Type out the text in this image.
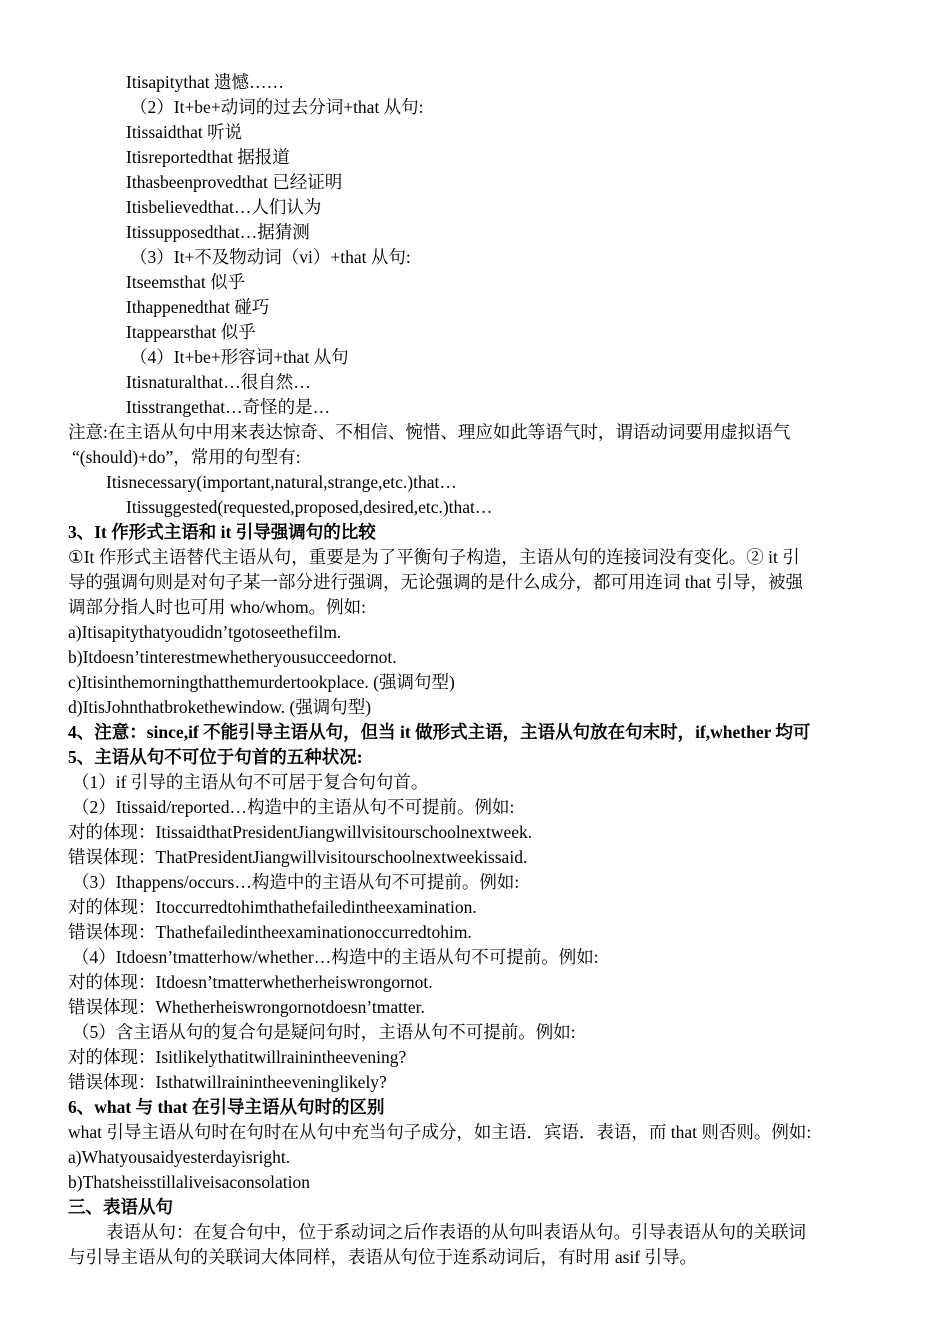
Itisapitythat 遗憾……
（2）It+be+动词的过去分词+that 从句:
Itissaidthat 听说
Itisreportedthat 据报道
Ithasbeenprovedthat 已经证明
Itisbelievedthat…人们认为
Itissupposedthat…据猜测
（3）It+不及物动词（vi）+that 从句:
Itseemsthat 似乎
Ithappenedthat 碰巧
Itappearsthat 似乎
（4）It+be+形容词+that 从句
Itisnaturalthat…很自然…
Itisstrangethat…奇怪的是…
注意:在主语从句中用来表达惊奇、不相信、惋惜、理应如此等语气时，谓语动词要用虚拟语气
“(should)+do”，常用的句型有:
Itisnecessary(important,natural,strange,etc.)that…
Itissuggested(requested,proposed,desired,etc.)that…
3、It 作形式主语和 it 引导强调句的比较
①It 作形式主语替代主语从句，重要是为了平衡句子构造，主语从句的连接词没有变化。② it 引
导的强调句则是对句子某一部分进行强调，无论强调的是什么成分，都可用连词 that 引导，被强
调部分指人时也可用 who/whom。例如:
a)Itisapitythatyoudidn’tgotoseethefilm.
b)Itdoesn’tinterestmewhetheryousucceedornot.
c)Itisinthemorningthatthemurdertookplace. (强调句型)
d)ItisJohnthatbrokethewindow. (强调句型)
4、注意：since,if 不能引导主语从句，但当 it 做形式主语，主语从句放在句末时，if,whether 均可
5、主语从句不可位于句首的五种状况:
（1）if 引导的主语从句不可居于复合句句首。
（2）Itissaid/reported…构造中的主语从句不可提前。例如:
对的体现：ItissaidthatPresidentJiangwillvisitourschoolnextweek.
错误体现：ThatPresidentJiangwillvisitourschoolnextweekissaid.
（3）Ithappens/occurs…构造中的主语从句不可提前。例如:
对的体现：Itoccurredtohimthathefailedintheexamination.
错误体现：Thathefailedintheexaminationoccurredtohim.
（4）Itdoesn’tmatterhow/whether…构造中的主语从句不可提前。例如:
对的体现：Itdoesn’tmatterwhetherheiswrongornot.
错误体现：Whetherheiswrongornotdoesn’tmatter.
（5）含主语从句的复合句是疑问句时，主语从句不可提前。例如:
对的体现：Isitlikelythatitwillrainintheevening?
错误体现：Isthatwillrainintheeveninglikely?
6、what 与 that 在引导主语从句时的区别
what 引导主语从句时在句时在从句中充当句子成分，如主语．宾语．表语，而 that 则否则。例如:
a)Whatyousaidyesterdayisright.
b)Thatsheisstillaliveisaconsolation
三、表语从句
表语从句：在复合句中，位于系动词之后作表语的从句叫表语从句。引导表语从句的关联词
与引导主语从句的关联词大体同样，表语从句位于连系动词后，有时用 asif 引导。
